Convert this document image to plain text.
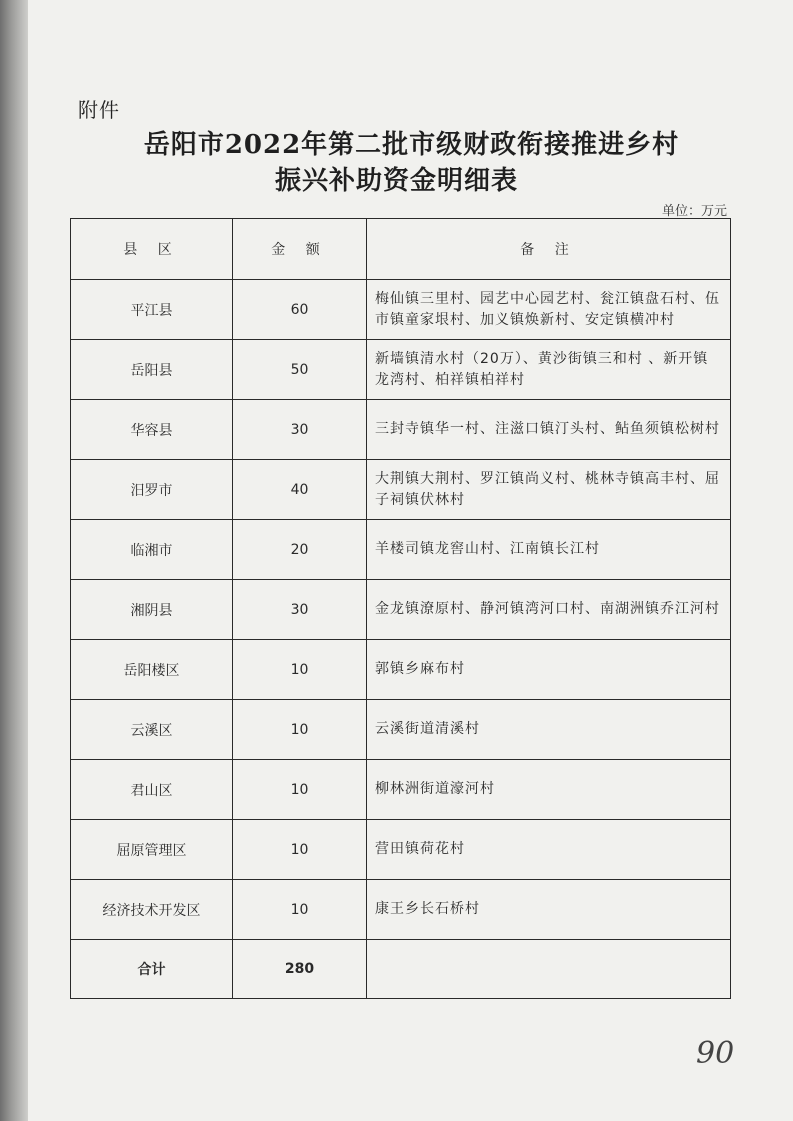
附件
岳阳市2022年第二批市级财政衔接推进乡村
振兴补助资金明细表
单位：万元
县 区	金 额	备 注
平江县	60	梅仙镇三里村、园艺中心园艺村、瓮江镇盘石村、伍市镇童家垠村、加义镇焕新村、安定镇横冲村
岳阳县	50	新墙镇清水村（20万）、黄沙街镇三和村 、新开镇龙湾村、柏祥镇柏祥村
华容县	30	三封寺镇华一村、注滋口镇汀头村、鲇鱼须镇松树村
汨罗市	40	大荆镇大荆村、罗江镇尚义村、桃林寺镇高丰村、屈子祠镇伏林村
临湘市	20	羊楼司镇龙窖山村、江南镇长江村
湘阴县	30	金龙镇潦原村、静河镇湾河口村、南湖洲镇乔江河村
岳阳楼区	10	郭镇乡麻布村
云溪区	10	云溪街道清溪村
君山区	10	柳林洲街道濠河村
屈原管理区	10	营田镇荷花村
经济技术开发区	10	康王乡长石桥村
合计	280	
90
